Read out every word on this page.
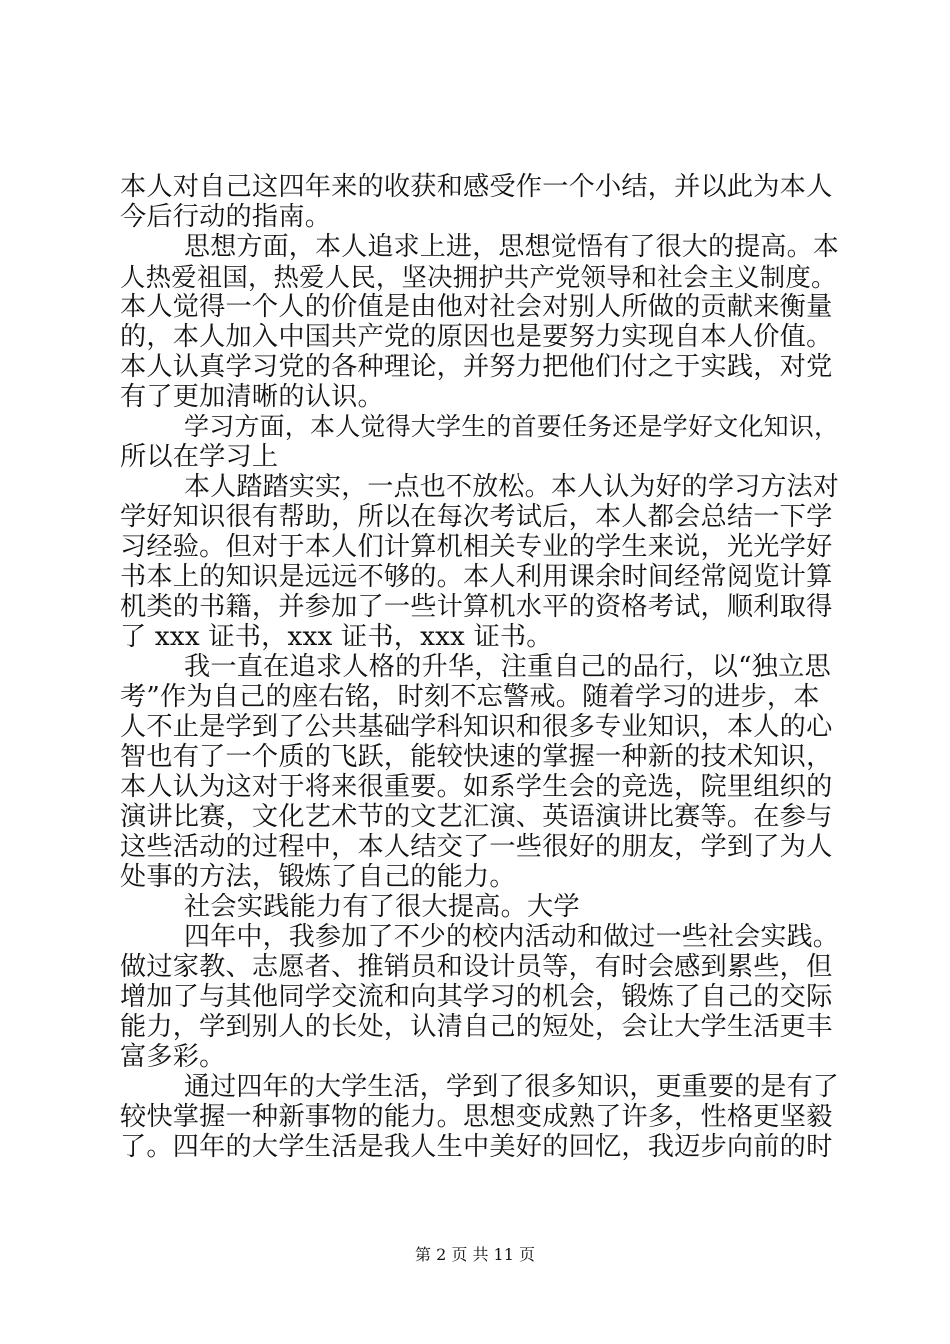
本人对自己这四年来的收获和感受作一个小结，并以此为本人
今后行动的指南。
思想方面，本人追求上进，思想觉悟有了很大的提高。本
人热爱祖国，热爱人民，坚决拥护共产党领导和社会主义制度。
本人觉得一个人的价值是由他对社会对别人所做的贡献来衡量
的，本人加入中国共产党的原因也是要努力实现自本人价值。
本人认真学习党的各种理论，并努力把他们付之于实践，对党
有了更加清晰的认识。
学习方面，本人觉得大学生的首要任务还是学好文化知识，
所以在学习上
本人踏踏实实，一点也不放松。本人认为好的学习方法对
学好知识很有帮助，所以在每次考试后，本人都会总结一下学
习经验。但对于本人们计算机相关专业的学生来说，光光学好
书本上的知识是远远不够的。本人利用课余时间经常阅览计算
机类的书籍，并参加了一些计算机水平的资格考试，顺利取得
了 xxx 证书，xxx 证书，xxx 证书。
我一直在追求人格的升华，注重自己的品行，以“独立思
考”作为自己的座右铭，时刻不忘警戒。随着学习的进步，本
人不止是学到了公共基础学科知识和很多专业知识，本人的心
智也有了一个质的飞跃，能较快速的掌握一种新的技术知识，
本人认为这对于将来很重要。如系学生会的竞选，院里组织的
演讲比赛，文化艺术节的文艺汇演、英语演讲比赛等。在参与
这些活动的过程中，本人结交了一些很好的朋友，学到了为人
处事的方法，锻炼了自己的能力。
社会实践能力有了很大提高。大学
四年中，我参加了不少的校内活动和做过一些社会实践。
做过家教、志愿者、推销员和设计员等，有时会感到累些，但
增加了与其他同学交流和向其学习的机会，锻炼了自己的交际
能力，学到别人的长处，认清自己的短处，会让大学生活更丰
富多彩。
通过四年的大学生活，学到了很多知识，更重要的是有了
较快掌握一种新事物的能力。思想变成熟了许多，性格更坚毅
了。四年的大学生活是我人生中美好的回忆，我迈步向前的时
第 2 页 共 11 页
